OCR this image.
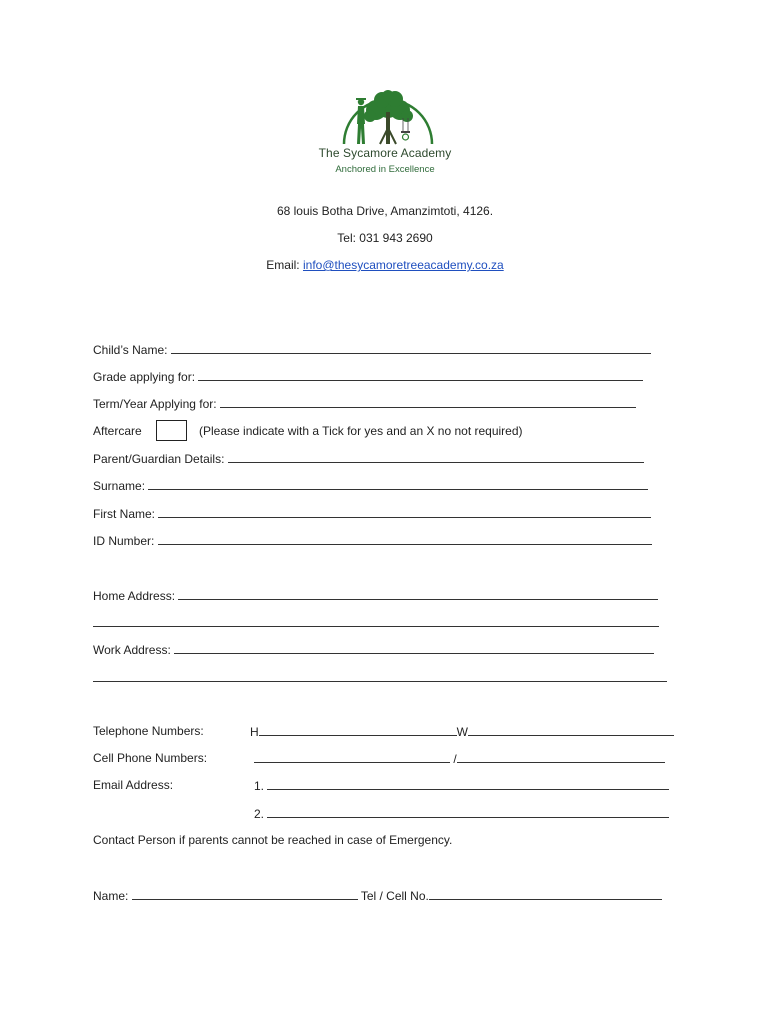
The Sycamore Academy
Anchored in Excellence
68 louis Botha Drive, Amanzimtoti, 4126.
Tel: 031 943 2690
Email: info@thesycamoretreeacademy.co.za
Child’s Name:
Grade applying for:
Term/Year Applying for:
Aftercare	(Please indicate with a Tick for yes and an X no not required)
Parent/Guardian Details:
Surname:
First Name:
ID Number:
Home Address:
Work Address:
Telephone Numbers:	H	W
Cell Phone Numbers:	/
Email Address:	1.
2.
Contact Person if parents cannot be reached in case of Emergency.
Name:	Tel / Cell No.
